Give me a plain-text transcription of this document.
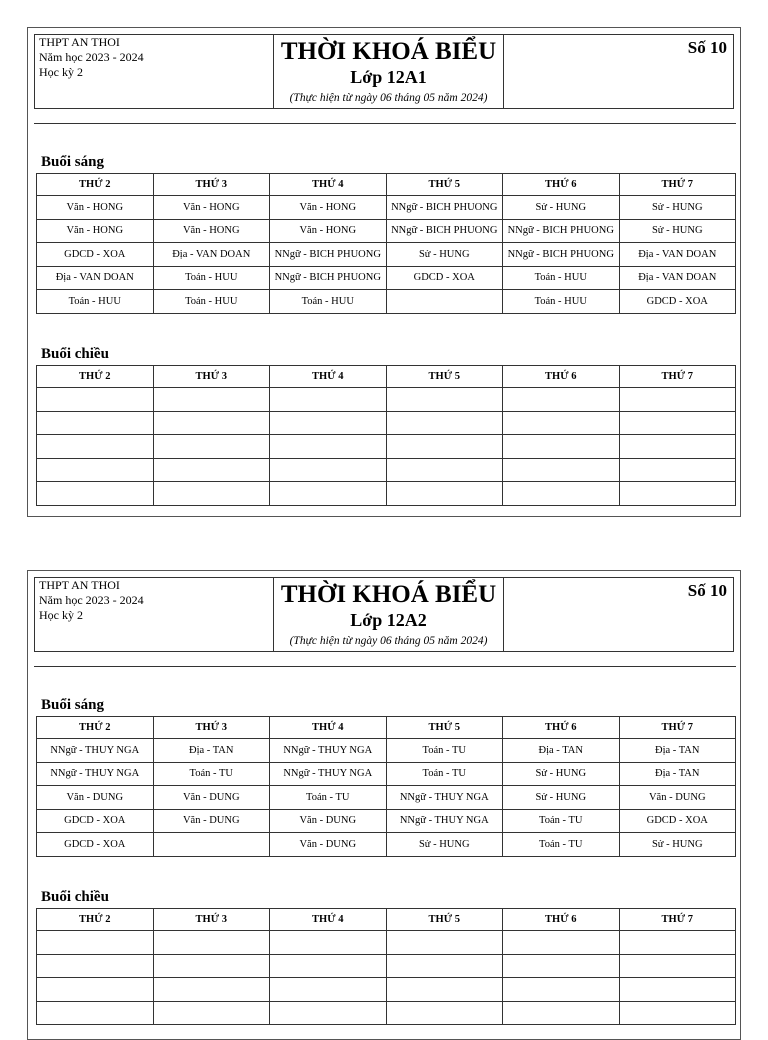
THPT AN THOI
Năm học 2023 - 2024
Học kỳ 2
THỜI KHOÁ BIỂU
Lớp 12A1
(Thực hiện từ ngày 06 tháng 05 năm 2024)
Số 10
Buổi sáng
THỨ 2	THỨ 3	THỨ 4	THỨ 5	THỨ 6	THỨ 7
Văn - HONG	Văn - HONG	Văn - HONG	NNgữ - BICH PHUONG	Sử - HUNG	Sử - HUNG
Văn - HONG	Văn - HONG	Văn - HONG	NNgữ - BICH PHUONG	NNgữ - BICH PHUONG	Sử - HUNG
GDCD - XOA	Địa - VAN DOAN	NNgữ - BICH PHUONG	Sử - HUNG	NNgữ - BICH PHUONG	Địa - VAN DOAN
Địa - VAN DOAN	Toán - HUU	NNgữ - BICH PHUONG	GDCD - XOA	Toán - HUU	Địa - VAN DOAN
Toán - HUU	Toán - HUU	Toán - HUU		Toán - HUU	GDCD - XOA
Buổi chiều
THỨ 2	THỨ 3	THỨ 4	THỨ 5	THỨ 6	THỨ 7

THPT AN THOI
Năm học 2023 - 2024
Học kỳ 2
THỜI KHOÁ BIỂU
Lớp 12A2
(Thực hiện từ ngày 06 tháng 05 năm 2024)
Số 10
Buổi sáng
THỨ 2	THỨ 3	THỨ 4	THỨ 5	THỨ 6	THỨ 7
NNgữ - THUY NGA	Địa - TAN	NNgữ - THUY NGA	Toán - TU	Địa - TAN	Địa - TAN
NNgữ - THUY NGA	Toán - TU	NNgữ - THUY NGA	Toán - TU	Sử - HUNG	Địa - TAN
Văn - DUNG	Văn - DUNG	Toán - TU	NNgữ - THUY NGA	Sử - HUNG	Văn - DUNG
GDCD - XOA	Văn - DUNG	Văn - DUNG	NNgữ - THUY NGA	Toán - TU	GDCD - XOA
GDCD - XOA		Văn - DUNG	Sử - HUNG	Toán - TU	Sử - HUNG
Buổi chiều
THỨ 2	THỨ 3	THỨ 4	THỨ 5	THỨ 6	THỨ 7
